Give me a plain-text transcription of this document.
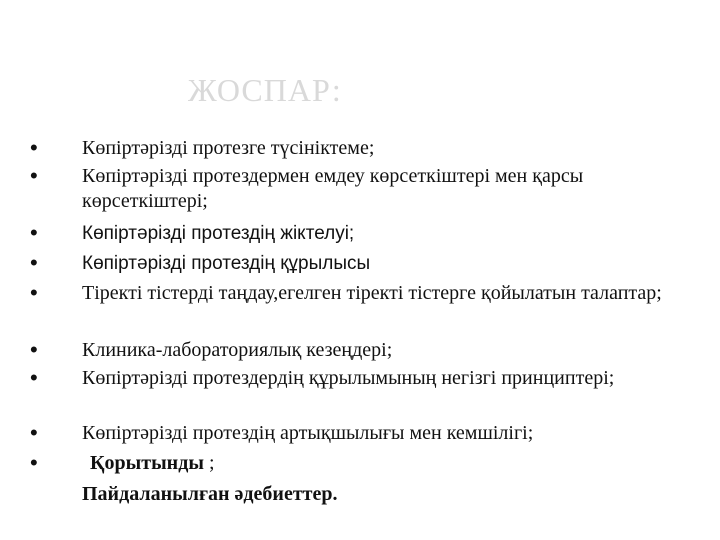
ЖОСПАР:
• Көпіртәрізді протезге түсініктеме;
• Көпіртәрізді протездермен емдеу көрсеткіштері мен қарсы көрсеткіштері;
• Көпіртәрізді протездің жіктелуі;
• Көпіртәрізді протездің құрылысы
• Тіректі тістерді таңдау,егелген тіректі тістерге қойылатын талаптар;
• Клиника-лабораториялық кезеңдері;
• Көпіртәрізді протездердің құрылымының негізгі принциптері;
• Көпіртәрізді протездің артықшылығы мен кемшілігі;
•	Қорытынды ;
Пайдаланылған әдебиеттер.
